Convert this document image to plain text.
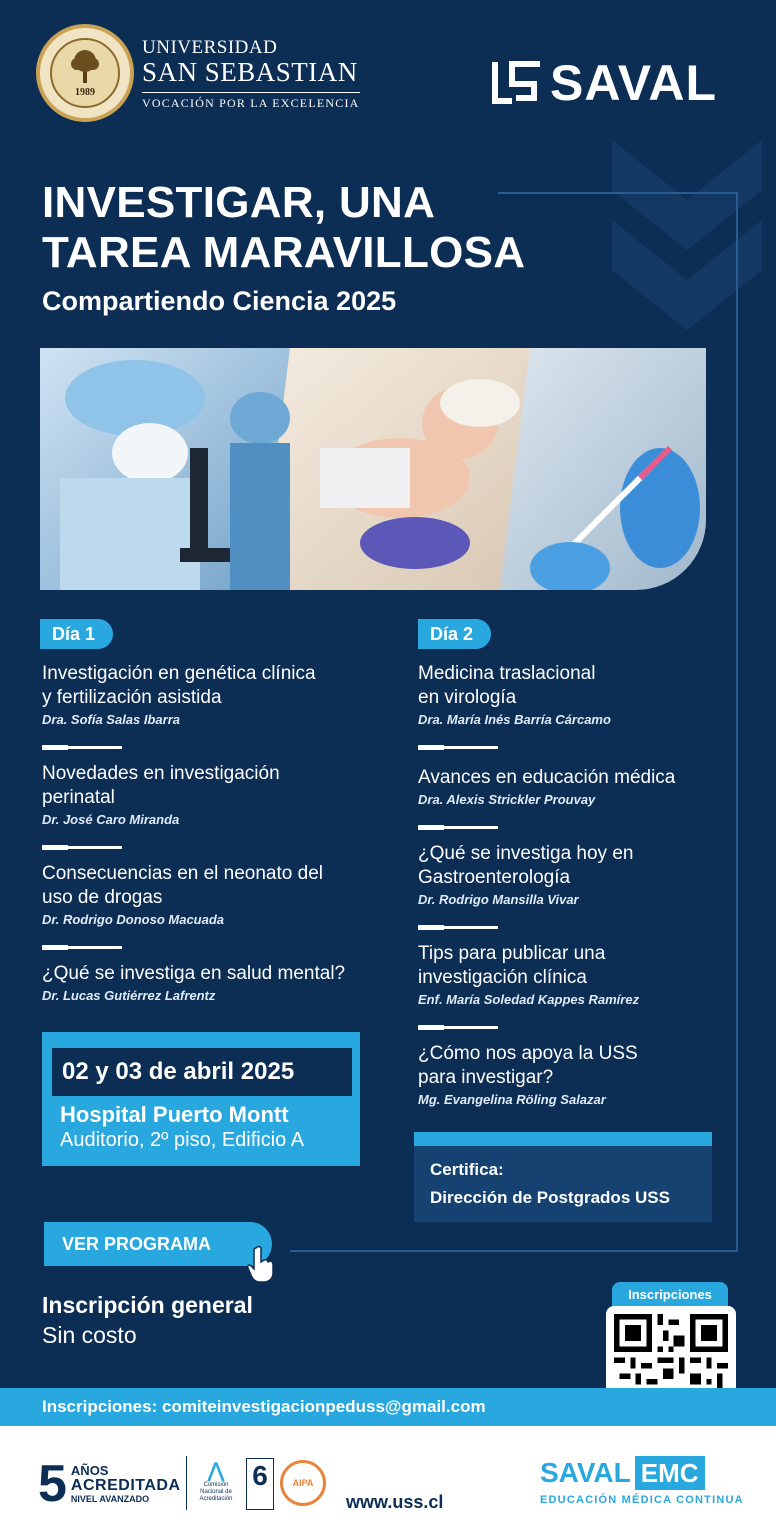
1989
UNIVERSIDAD
SAN SEBASTIAN
VOCACIÓN POR LA EXCELENCIA	SAVAL
INVESTIGAR, UNA
TAREA MARAVILLOSA
Compartiendo Ciencia 2025
Día 1
Investigación en genética clínica
y fertilización asistida
Dra. Sofía Salas Ibarra
Novedades en investigación
perinatal
Dr. José Caro Miranda
Consecuencias en el neonato del
uso de drogas
Dr. Rodrigo Donoso Macuada
¿Qué se investiga en salud mental?
Dr. Lucas Gutiérrez Lafrentz
Día 2
Medicina traslacional
en virología
Dra. María Inés Barría Cárcamo
Avances en educación médica
Dra. Alexis Strickler Prouvay
¿Qué se investiga hoy en
Gastroenterología
Dr. Rodrigo Mansilla Vivar
Tips para publicar una
investigación clínica
Enf. María Soledad Kappes Ramírez
¿Cómo nos apoya la USS
para investigar?
Mg. Evangelina Röling Salazar
02 y 03 de abril 2025
Hospital Puerto Montt
Auditorio, 2º piso, Edificio A
Certifica:
Dirección de Postgrados USS
VER PROGRAMA
Inscripción general
Sin costo
Inscripciones
Inscripciones: comiteinvestigacionpeduss@gmail.com
5 AÑOS
ACREDITADA
NIVEL AVANZADO
⋀
Comisión Nacional de Acreditación
6	AIPA
www.uss.cl
SAVAL EMC
EDUCACIÓN MÉDICA CONTINUA
